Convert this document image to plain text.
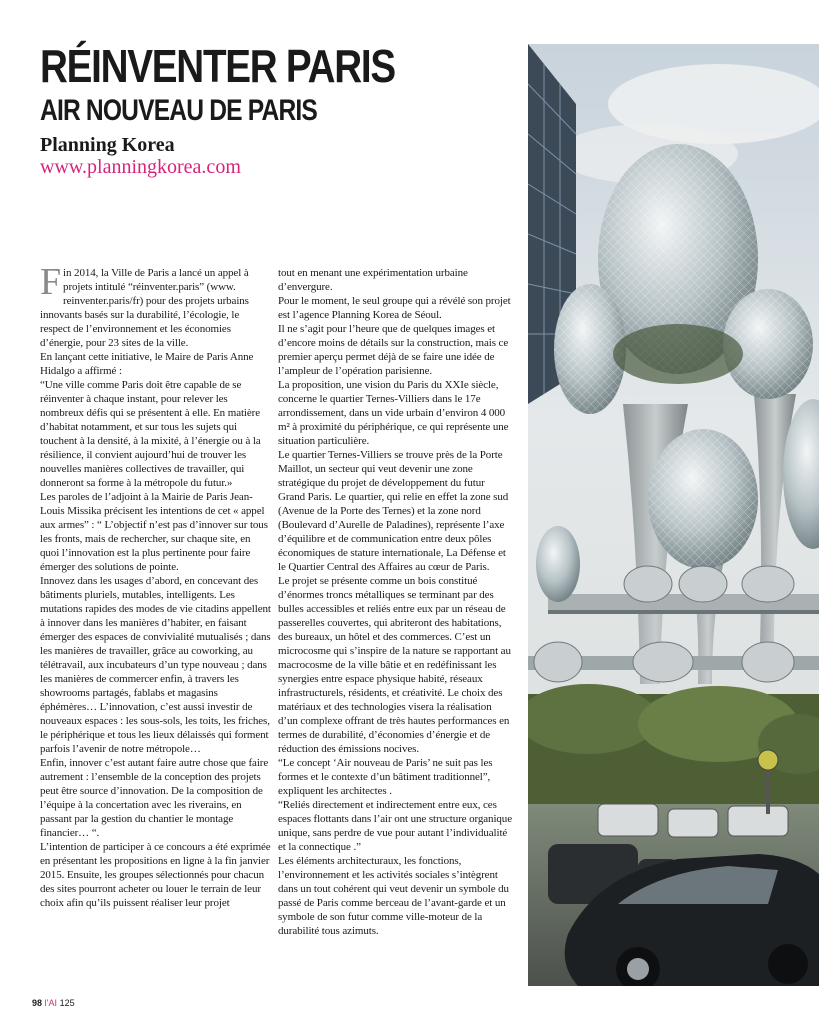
RÉINVENTER PARIS
AIR NOUVEAU DE PARIS
Planning Korea
www.planningkorea.com
F in 2014, la Ville de Paris a lancé un appel à projets intitulé “réinventer.paris” (www. reinventer.paris/fr) pour des projets urbains innovants basés sur la durabilité, l’écologie, le respect de l’environnement et les économies d’énergie, pour 23 sites de la ville.

En lançant cette initiative, le Maire de Paris Anne Hidalgo a affirmé :

“Une ville comme Paris doit être capable de se réinventer à chaque instant, pour relever les nombreux défis qui se présentent à elle. En matière d’habitat notamment, et sur tous les sujets qui touchent à la densité, à la mixité, à l’énergie ou à la résilience, il convient aujourd’hui de trouver les nouvelles manières collectives de travailler, qui donneront sa forme à la métropole du futur.»

Les paroles de l’adjoint à la Mairie de Paris Jean-Louis Missika précisent les intentions de cet « appel aux armes” : “ L’objectif n’est pas d’innover sur tous les fronts, mais de rechercher, sur chaque site, en quoi l’innovation est la plus pertinente pour faire émerger des solutions de pointe.

Innovez dans les usages d’abord, en concevant des bâtiments pluriels, mutables, intelligents. Les mutations rapides des modes de vie citadins appellent à innover dans les manières d’habiter, en faisant émerger des espaces de convivialité mutualisés ; dans les manières de travailler, grâce au coworking, au télétravail, aux incubateurs d’un type nouveau ; dans les manières de commercer enfin, à travers les showrooms partagés, fablabs et magasins éphémères… L’innovation, c’est aussi investir de nouveaux espaces : les sous-sols, les toits, les friches, le périphérique et tous les lieux délaissés qui forment parfois l’avenir de notre métropole…

Enfin, innover c’est autant faire autre chose que faire autrement : l’ensemble de la conception des projets peut être source d’innovation. De la composition de l’équipe à la concertation avec les riverains, en passant par la gestion du chantier le montage financier… “.

L’intention de participer à ce concours a été exprimée en présentant les propositions en ligne à la fin janvier 2015. Ensuite, les groupes sélectionnés pour chacun des sites pourront acheter ou louer le terrain de leur choix afin qu’ils puissent réaliser leur projet

tout en menant une expérimentation urbaine d’envergure.

Pour le moment, le seul groupe qui a révélé son projet est l’agence Planning Korea de Séoul.

Il ne s’agit pour l’heure que de quelques images et d’encore moins de détails sur la construction, mais ce premier aperçu permet déjà de se faire une idée de l’ampleur de l’opération parisienne.

La proposition, une vision du Paris du XXIe siècle, concerne le quartier Ternes-Villiers dans le 17e arrondissement, dans un vide urbain d’environ 4 000 m² à proximité du périphérique, ce qui représente une situation particulière.

Le quartier Ternes-Villiers se trouve près de la Porte Maillot, un secteur qui veut devenir une zone stratégique du projet de développement du futur Grand Paris. Le quartier, qui relie en effet la zone sud (Avenue de la Porte des Ternes) et la zone nord (Boulevard d’Aurelle de Paladines), représente l’axe d’équilibre et de communication entre deux pôles économiques de stature internationale, La Défense et le Quartier Central des Affaires au cœur de Paris.

Le projet se présente comme un bois constitué d’énormes troncs métalliques se terminant par des bulles accessibles et reliés entre eux par un réseau de passerelles couvertes, qui abriteront des habitations, des bureaux, un hôtel et des commerces. C’est un microcosme qui s’inspire de la nature se rapportant au macrocosme de la ville bâtie et en redéfinissant les synergies entre espace physique habité, réseaux infrastructurels, résidents, et créativité. Le choix des matériaux et des technologies visera la réalisation d’un complexe offrant de très hautes performances en termes de durabilité, d’économies d’énergie et de réduction des émissions nocives.

“Le concept ‘Air nouveau de Paris’ ne suit pas les formes et le contexte d’un bâtiment traditionnel”, expliquent les architectes .

“Reliés directement et indirectement entre eux, ces espaces flottants dans l’air ont une structure organique unique, sans perdre de vue pour autant l’individualité et la connectique .”

Les éléments architecturaux, les fonctions, l’environnement et les activités sociales s’intègrent dans un tout cohérent qui veut devenir un symbole du passé de Paris comme berceau de l’avant-garde et un symbole de son futur comme ville-moteur de la durabilité tous azimuts.

98 l’AI 125
